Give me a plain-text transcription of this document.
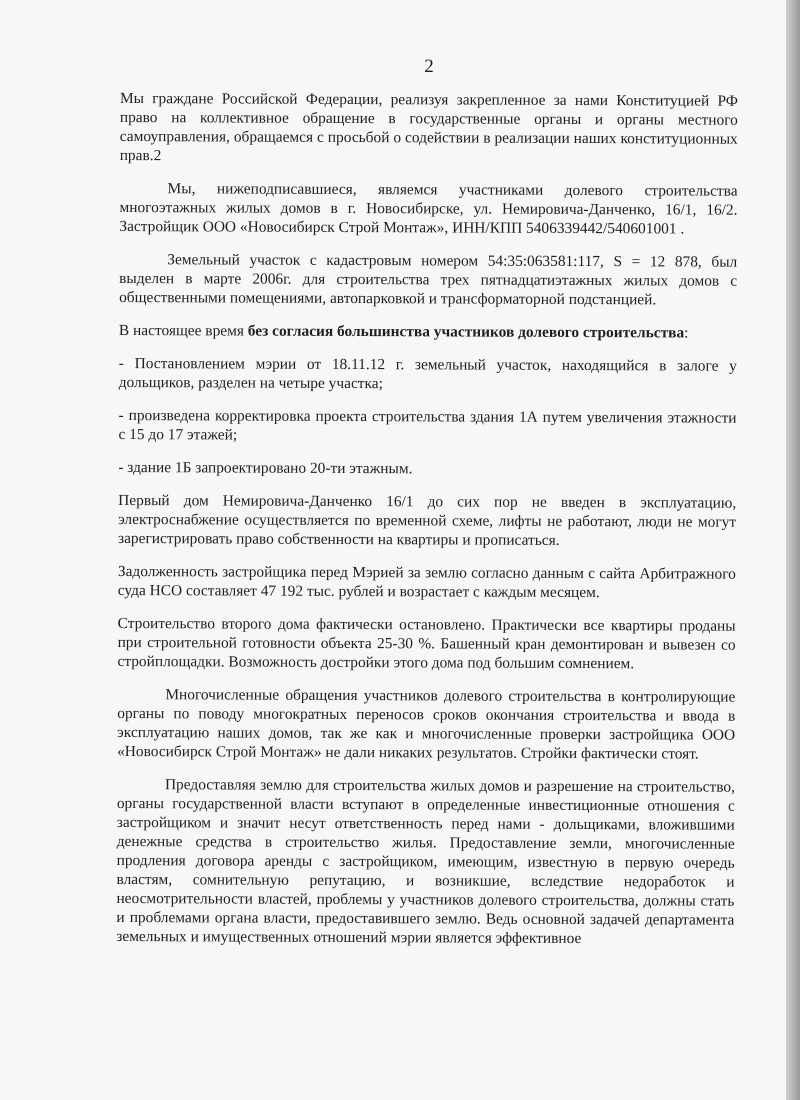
2

Мы граждане Российской Федерации, реализуя закрепленное за нами Конституцией РФ право на коллективное обращение в государственные органы и органы местного самоуправления, обращаемся с просьбой о содействии в реализации наших конституционных прав.2

Мы, нижеподписавшиеся, являемся участниками долевого строительства многоэтажных жилых домов в г. Новосибирске, ул. Немировича-Данченко, 16/1, 16/2. Застройщик ООО «Новосибирск Строй Монтаж», ИНН/КПП 5406339442/540601001 .

Земельный участок с кадастровым номером 54:35:063581:117, S = 12 878, был выделен в марте 2006г. для строительства трех пятнадцатиэтажных жилых домов с общественными помещениями, автопарковкой и трансформаторной подстанцией.

В настоящее время без согласия большинства участников долевого строительства:

- Постановлением мэрии от 18.11.12 г. земельный участок, находящийся в залоге у дольщиков, разделен на четыре участка;

- произведена корректировка проекта строительства здания 1А путем увеличения этажности с 15 до 17 этажей;

- здание 1Б запроектировано 20-ти этажным.

Первый дом Немировича-Данченко 16/1 до сих пор не введен в эксплуатацию, электроснабжение осуществляется по временной схеме, лифты не работают, люди не могут зарегистрировать право собственности на квартиры и прописаться.

Задолженность застройщика перед Мэрией за землю согласно данным с сайта Арбитражного суда НСО составляет 47 192 тыс. рублей и возрастает с каждым месяцем.

Строительство второго дома фактически остановлено. Практически все квартиры проданы при строительной готовности объекта 25-30 %. Башенный кран демонтирован и вывезен со стройплощадки. Возможность достройки этого дома под большим сомнением.

Многочисленные обращения участников долевого строительства в контролирующие органы по поводу многократных переносов сроков окончания строительства и ввода в эксплуатацию наших домов, так же как и многочисленные проверки застройщика ООО «Новосибирск Строй Монтаж» не дали никаких результатов. Стройки фактически стоят.

Предоставляя землю для строительства жилых домов и разрешение на строительство, органы государственной власти вступают в определенные инвестиционные отношения с застройщиком и значит несут ответственность перед нами - дольщиками, вложившими денежные средства в строительство жилья. Предоставление земли, многочисленные продления договора аренды с застройщиком, имеющим, известную в первую очередь властям, сомнительную репутацию, и возникшие, вследствие недоработок и неосмотрительности властей, проблемы у участников долевого строительства, должны стать и проблемами органа власти, предоставившего землю. Ведь основной задачей департамента земельных и имущественных отношений мэрии является эффективное
